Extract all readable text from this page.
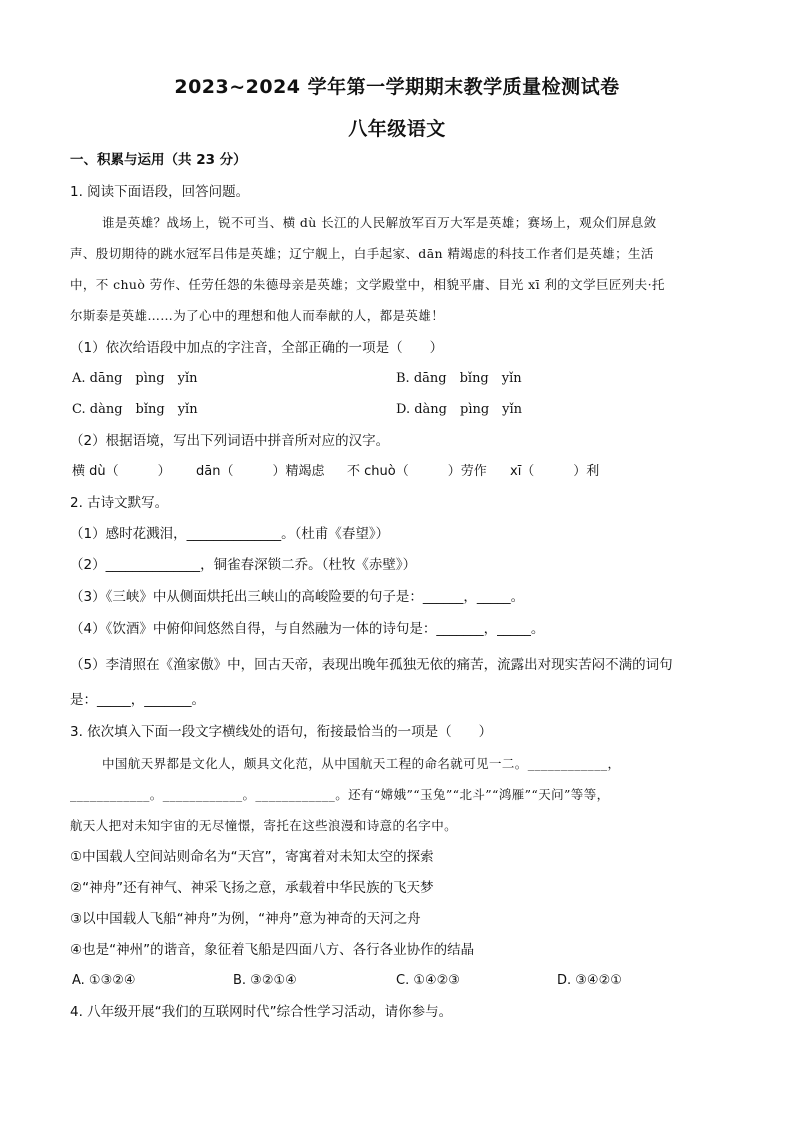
2023~2024 学年第一学期期末教学质量检测试卷
八年级语文
一、积累与运用（共 23 分）
1. 阅读下面语段，回答问题。
谁是英雄？战场上，锐不可当、横 dù 长江的人民解放军百万大军是英雄；赛场上，观众们屏息敛
声、殷切期待的跳水冠军吕伟是英雄；辽宁舰上，白手起家、dān 精竭虑的科技工作者们是英雄；生活
中，不 chuò 劳作、任劳任怨的朱德母亲是英雄；文学殿堂中，相貌平庸、目光 xī 利的文学巨匠列夫·托
尔斯泰是英雄……为了心中的理想和他人而奉献的人，都是英雄！
（1）依次给语段中加点的字注音，全部正确的一项是（　　）
A. dāng　pìng　yǐn	B. dāng　bǐng　yǐn
C. dàng　bǐng　yǐn	D. dàng　pìng　yǐn
（2）根据语境，写出下列词语中拼音所对应的汉字。
横 dù（　　　） dān（　　　）精竭虑 不 chuò（　　　）劳作 xī（　　　）利
2. 古诗文默写。
（1）感时花溅泪，______________。（杜甫《春望》）
（2）______________，铜雀春深锁二乔。（杜牧《赤壁》）
（3）《三峡》中从侧面烘托出三峡山的高峻险要的句子是：______，_____。
（4）《饮酒》中俯仰间悠然自得，与自然融为一体的诗句是：_______，_____。
（5）李清照在《渔家傲》中，回古天帝，表现出晚年孤独无依的痛苦，流露出对现实苦闷不满的词句
是：_____，_______。
3. 依次填入下面一段文字横线处的语句，衔接最恰当的一项是（　　）
中国航天界都是文化人，颇具文化范，从中国航天工程的命名就可见一二。____________，
____________。____________。____________。还有“嫦娥”“玉兔”“北斗”“鸿雁”“天问”等等，
航天人把对未知宇宙的无尽憧憬，寄托在这些浪漫和诗意的名字中。
①中国载人空间站则命名为“天宫”，寄寓着对未知太空的探索
②“神舟”还有神气、神采飞扬之意，承载着中华民族的飞天梦
③以中国载人飞船“神舟”为例，“神舟”意为神奇的天河之舟
④也是“神州”的谐音，象征着飞船是四面八方、各行各业协作的结晶
A. ①③②④	B. ③②①④	C. ①④②③	D. ③④②①
4. 八年级开展“我们的互联网时代”综合性学习活动，请你参与。
